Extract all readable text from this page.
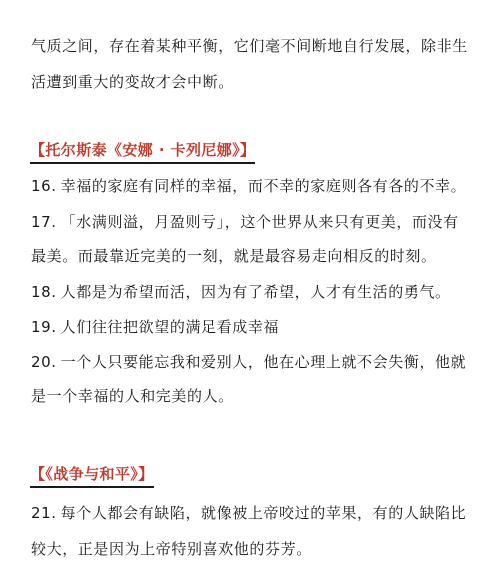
气质之间，存在着某种平衡，它们毫不间断地自行发展，除非生
活遭到重大的变故才会中断。
【托尔斯泰《安娜 · 卡列尼娜》】
16. 幸福的家庭有同样的幸福，而不幸的家庭则各有各的不幸。
17. 「水满则溢，月盈则亏」，这个世界从来只有更美，而没有
最美。而最靠近完美的一刻，就是最容易走向相反的时刻。
18. 人都是为希望而活，因为有了希望，人才有生活的勇气。
19. 人们往往把欲望的满足看成幸福
20. 一个人只要能忘我和爱别人，他在心理上就不会失衡，他就
是一个幸福的人和完美的人。
【《战争与和平》】
21. 每个人都会有缺陷，就像被上帝咬过的苹果，有的人缺陷比
较大，正是因为上帝特别喜欢他的芬芳。
